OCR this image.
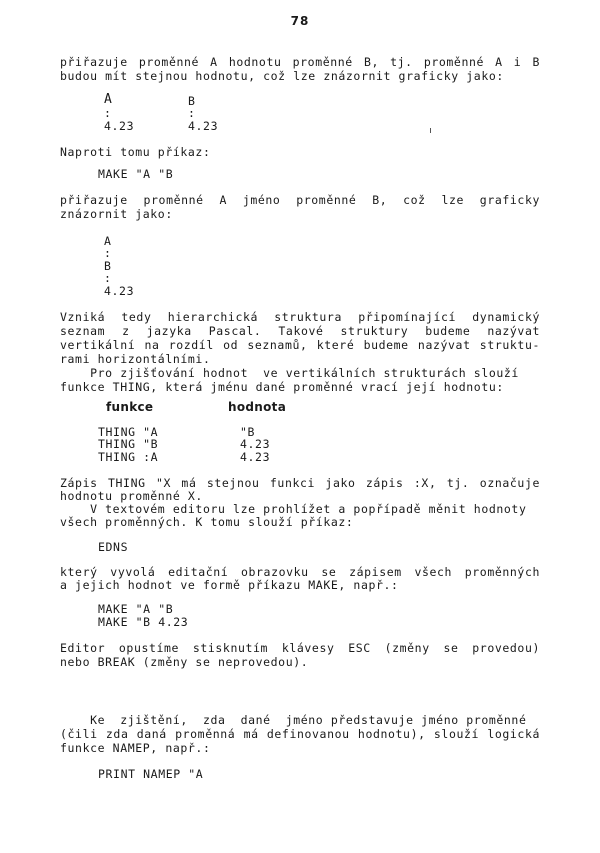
78
přiřazuje proměnné A hodnotu proměnné B, tj. proměnné A i B
budou mít stejnou hodnotu, což lze znázornit graficky jako:
A
:
4.23
B
:
4.23
Naproti tomu příkaz:
MAKE "A "B
přiřazuje proměnné A jméno proměnné B, což lze graficky
znázornit jako:
A
:
B
:
4.23
Vzniká tedy hierarchická struktura připomínající dynamický
seznam z jazyka Pascal. Takové struktury budeme nazývat
vertikální na rozdíl od seznamů, které budeme nazývat struktu-
rami horizontálními.
Pro zjišťování hodnot  ve vertikálních strukturách slouží
funkce THING, která jménu dané proměnné vrací její hodnotu:
funkce	hodnota
THING "A	"B
THING "B	4.23
THING :A	4.23
Zápis THING "X má stejnou funkci jako zápis :X, tj. označuje
hodnotu proměnné X.
V textovém editoru lze prohlížet a popřípadě měnit hodnoty
všech proměnných. K tomu slouží příkaz:
EDNS
který vyvolá editační obrazovku se zápisem všech proměnných
a jejich hodnot ve formě příkazu MAKE, např.:
MAKE "A "B
MAKE "B 4.23
Editor opustíme stisknutím klávesy ESC (změny se provedou)
nebo BREAK (změny se neprovedou).
Ke  zjištění,  zda  dané  jméno představuje jméno proměnné
(čili zda daná proměnná má definovanou hodnotu), slouží logická
funkce NAMEP, např.:
PRINT NAMEP "A
